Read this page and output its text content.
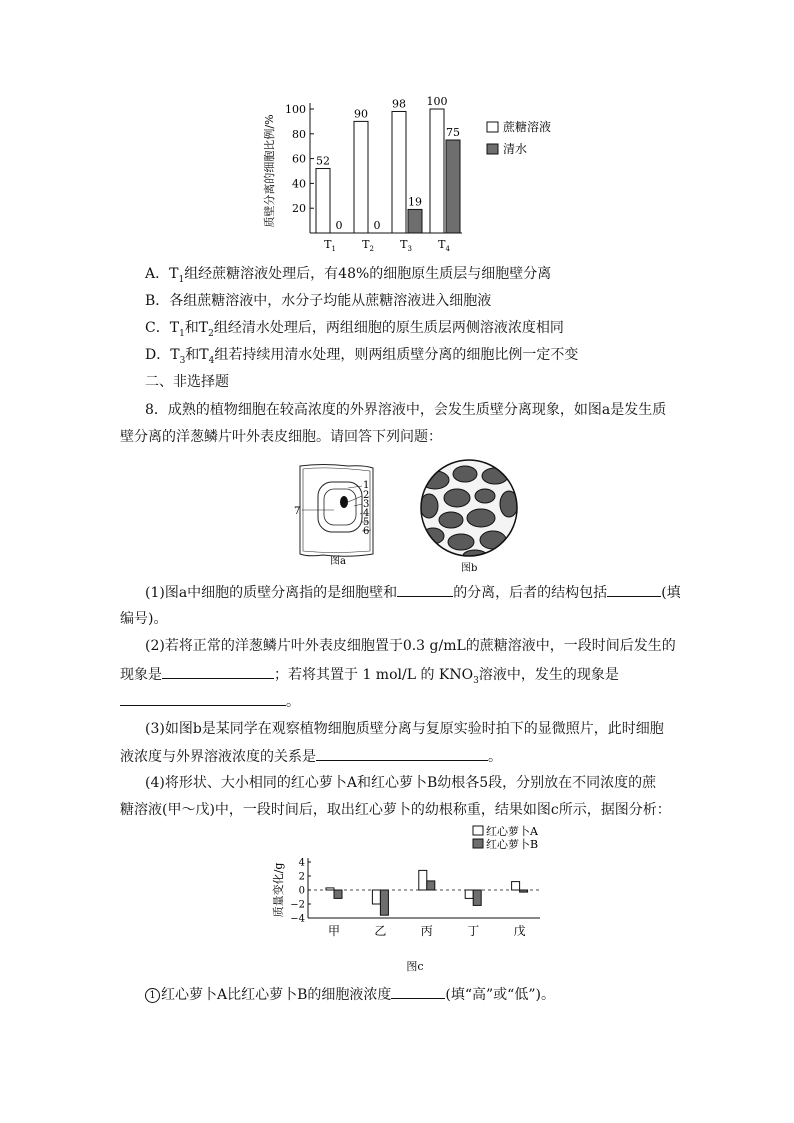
20
40
60
80
100
质壁分离的细胞比例/%	52
0
$T_1$
90
0
$T_2$
98
19
$T_3$
100
75
$T_4$
蔗糖溶液
清水
A．$T_1$组经蔗糖溶液处理后，有48%的细胞原生质层与细胞壁分离
B．各组蔗糖溶液中，水分子均能从蔗糖溶液进入细胞液
C．$T_1$和$T_2$组经清水处理后，两组细胞的原生质层两侧溶液浓度相同
D．$T_3$和$T_4$组若持续用清水处理，则两组质壁分离的细胞比例一定不变
二、非选择题
8．成熟的植物细胞在较高浓度的外界溶液中，会发生质壁分离现象，如图a是发生质
壁分离的洋葱鳞片叶外表皮细胞。请回答下列问题：
1
2
3
4
5
6
7
图a
图b
(1)图a中细胞的质壁分离指的是细胞壁和	的分离，后者的结构包括	(填
编号)。
(2)若将正常的洋葱鳞片叶外表皮细胞置于0.3 g/mL的蔗糖溶液中，一段时间后发生的
现象是	；若将其置于 1 mol/L 的 $KNO_3$溶液中，发生的现象是
。
(3)如图b是某同学在观察植物细胞质壁分离与复原实验时拍下的显微照片，此时细胞
液浓度与外界溶液浓度的关系是	。
(4)将形状、大小相同的红心萝卜A和红心萝卜B幼根各5段，分别放在不同浓度的蔗
糖溶液(甲～戊)中，一段时间后，取出红心萝卜的幼根称重，结果如图c所示，据图分析：
4
2
0
−2
−4
质量变化/g
甲	乙	丙	丁	戊
红心萝卜A
红心萝卜B
图c
1 红心萝卜A比红心萝卜B的细胞液浓度	(填“高”或“低”)。
